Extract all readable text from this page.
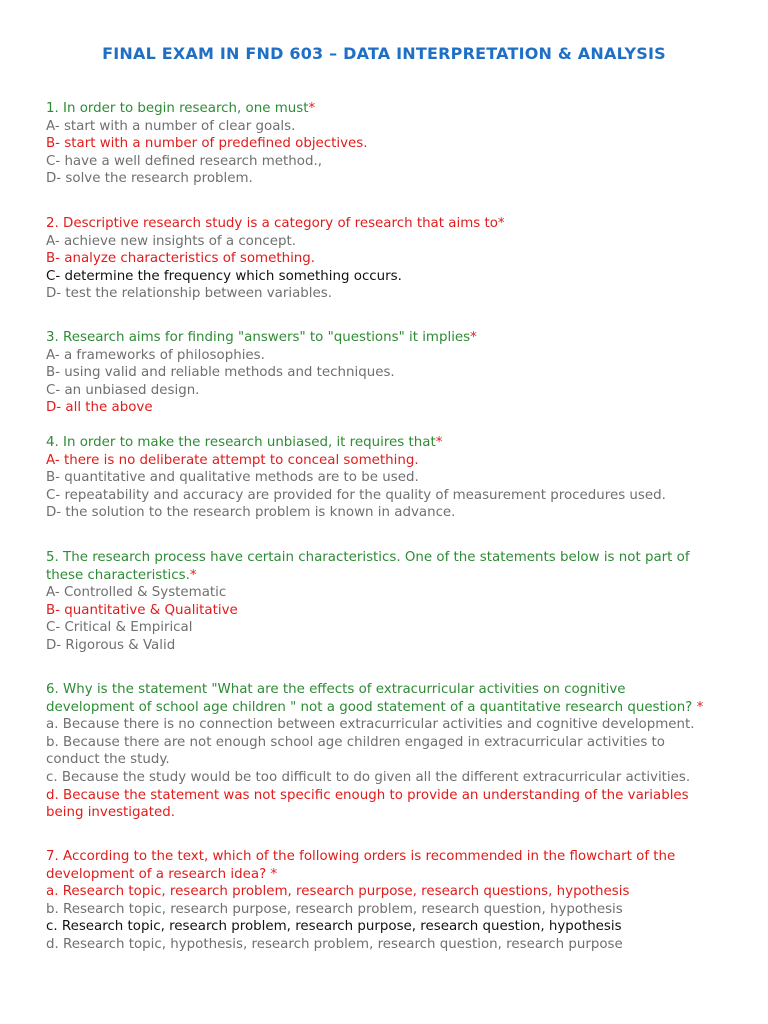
FINAL EXAM IN FND 603 – DATA INTERPRETATION & ANALYSIS
1. In order to begin research, one must*
A- start with a number of clear goals.
B- start with a number of predefined objectives.
C- have a well defined research method.,
D- solve the research problem.
2. Descriptive research study is a category of research that aims to*
A- achieve new insights of a concept.
B- analyze characteristics of something.
C- determine the frequency which something occurs.
D- test the relationship between variables.
3. Research aims for finding "answers" to "questions" it implies*
A- a frameworks of philosophies.
B- using valid and reliable methods and techniques.
C- an unbiased design.
D- all the above
4. In order to make the research unbiased, it requires that*
A- there is no deliberate attempt to conceal something.
B- quantitative and qualitative methods are to be used.
C- repeatability and accuracy are provided for the quality of measurement procedures used.
D- the solution to the research problem is known in advance.
5. The research process have certain characteristics. One of the statements below is not part of
these characteristics.*
A- Controlled & Systematic
B- quantitative & Qualitative
C- Critical & Empirical
D- Rigorous & Valid
6. Why is the statement "What are the effects of extracurricular activities on cognitive
development of school age children " not a good statement of a quantitative research question? *
a. Because there is no connection between extracurricular activities and cognitive development.
b. Because there are not enough school age children engaged in extracurricular activities to
conduct the study.
c. Because the study would be too difficult to do given all the different extracurricular activities.
d. Because the statement was not specific enough to provide an understanding of the variables
being investigated.
7. According to the text, which of the following orders is recommended in the flowchart of the
development of a research idea? *
a. Research topic, research problem, research purpose, research questions, hypothesis
b. Research topic, research purpose, research problem, research question, hypothesis
c. Research topic, research problem, research purpose, research question, hypothesis
d. Research topic, hypothesis, research problem, research question, research purpose
